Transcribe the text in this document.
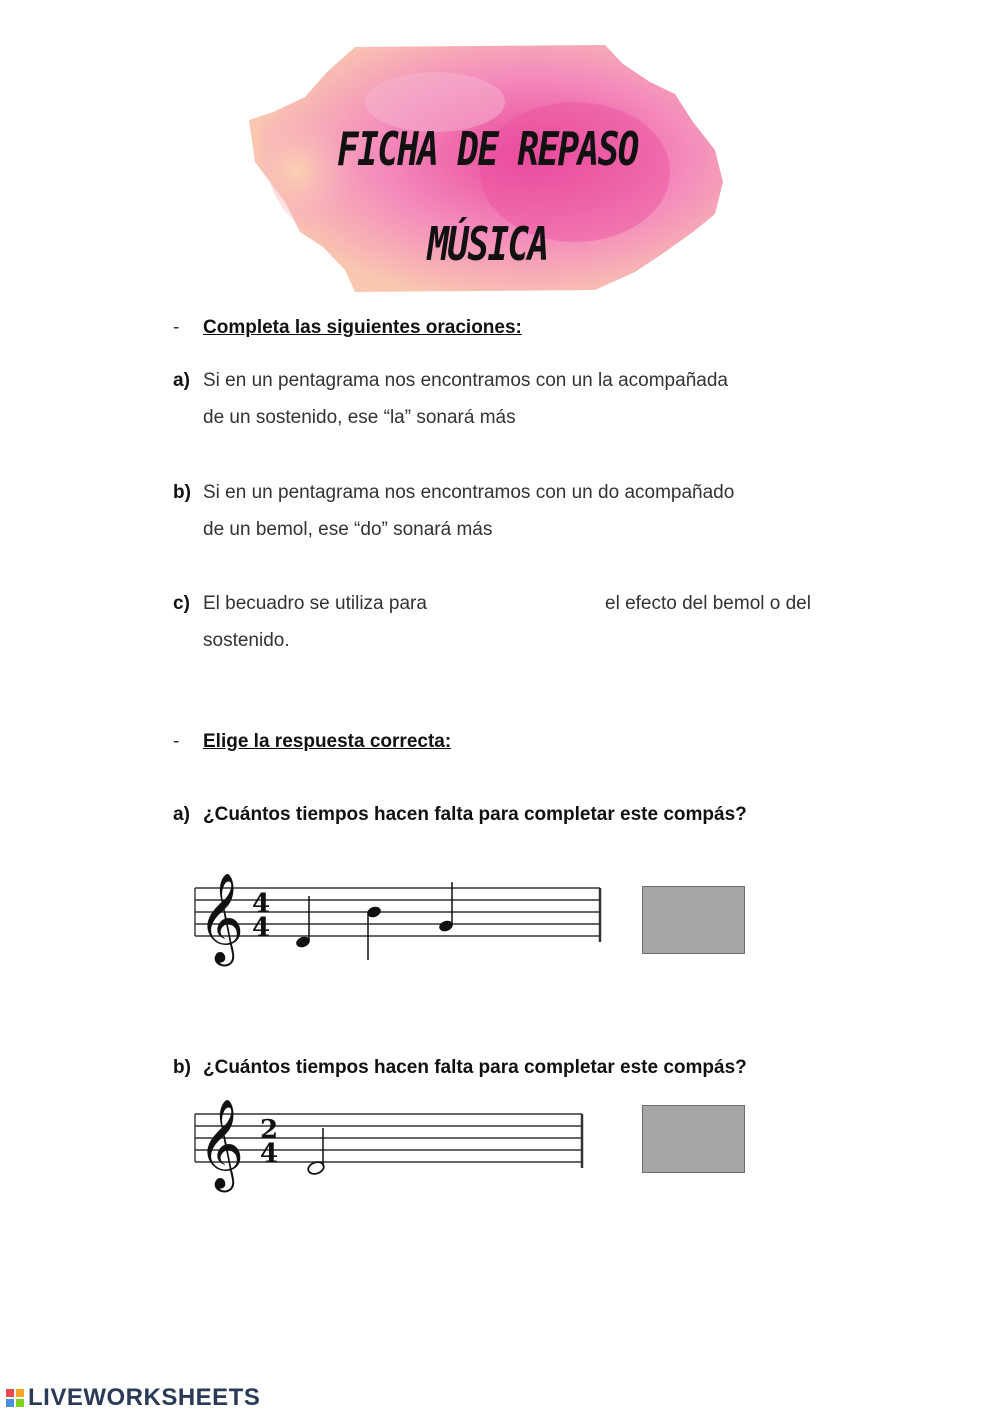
FICHA DE REPASO
MÚSICA
- Completa las siguientes oraciones:
a) Si en un pentagrama nos encontramos con un la acompañada
de un sostenido, ese “la” sonará más
b) Si en un pentagrama nos encontramos con un do acompañado
de un bemol, ese “do” sonará más
c) El becuadro se utiliza para	el efecto del bemol o del
sostenido.
- Elige la respuesta correcta:
a) ¿Cuántos tiempos hacen falta para completar este compás?
𝄞 4
4
b) ¿Cuántos tiempos hacen falta para completar este compás?
𝄞 2
4
LIVEWORKSHEETS
